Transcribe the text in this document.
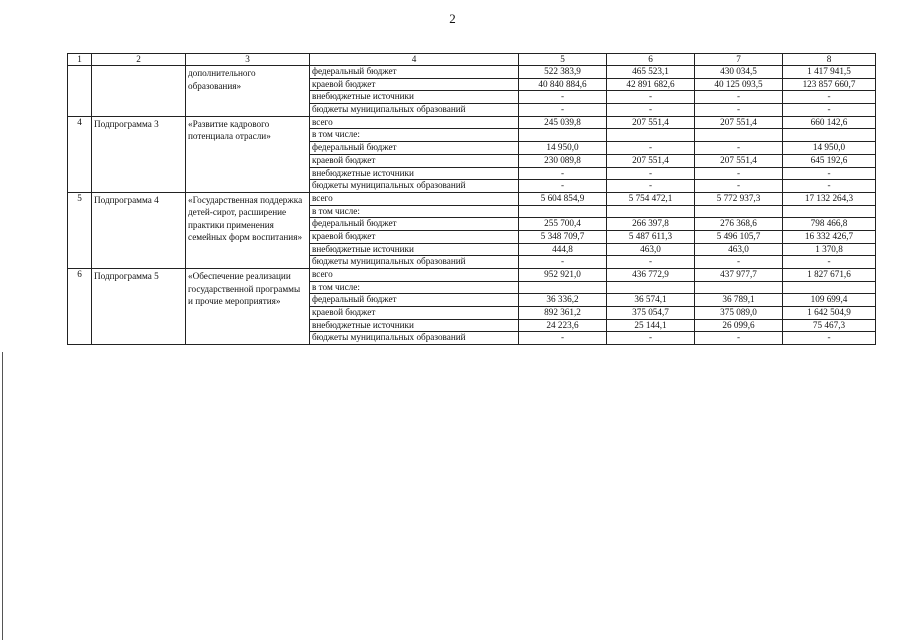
2
1	2	3	4	5	6	7	8
		дополнительного образования»	федеральный бюджет	522 383,9	465 523,1	430 034,5	1 417 941,5
			краевой бюджет	40 840 884,6	42 891 682,6	40 125 093,5	123 857 660,7
			внебюджетные источники	-	-	-	-
			бюджеты муниципальных образований	-	-	-	-
4	Подпрограмма 3	«Развитие кадрового потенциала отрасли»	всего	245 039,8	207 551,4	207 551,4	660 142,6
			в том числе:				
			федеральный бюджет	14 950,0	-	-	14 950,0
			краевой бюджет	230 089,8	207 551,4	207 551,4	645 192,6
			внебюджетные источники	-	-	-	-
			бюджеты муниципальных образований	-	-	-	-
5	Подпрограмма 4	«Государственная поддержка детей-сирот, расширение практики применения семейных форм воспитания»	всего	5 604 854,9	5 754 472,1	5 772 937,3	17 132 264,3
			в том числе:				
			федеральный бюджет	255 700,4	266 397,8	276 368,6	798 466,8
			краевой бюджет	5 348 709,7	5 487 611,3	5 496 105,7	16 332 426,7
			внебюджетные источники	444,8	463,0	463,0	1 370,8
			бюджеты муниципальных образований	-	-	-	-
6	Подпрограмма 5	«Обеспечение реализации государственной программы и прочие мероприятия»	всего	952 921,0	436 772,9	437 977,7	1 827 671,6
			в том числе:				
			федеральный бюджет	36 336,2	36 574,1	36 789,1	109 699,4
			краевой бюджет	892 361,2	375 054,7	375 089,0	1 642 504,9
			внебюджетные источники	24 223,6	25 144,1	26 099,6	75 467,3
			бюджеты муниципальных образований	-	-	-	-
